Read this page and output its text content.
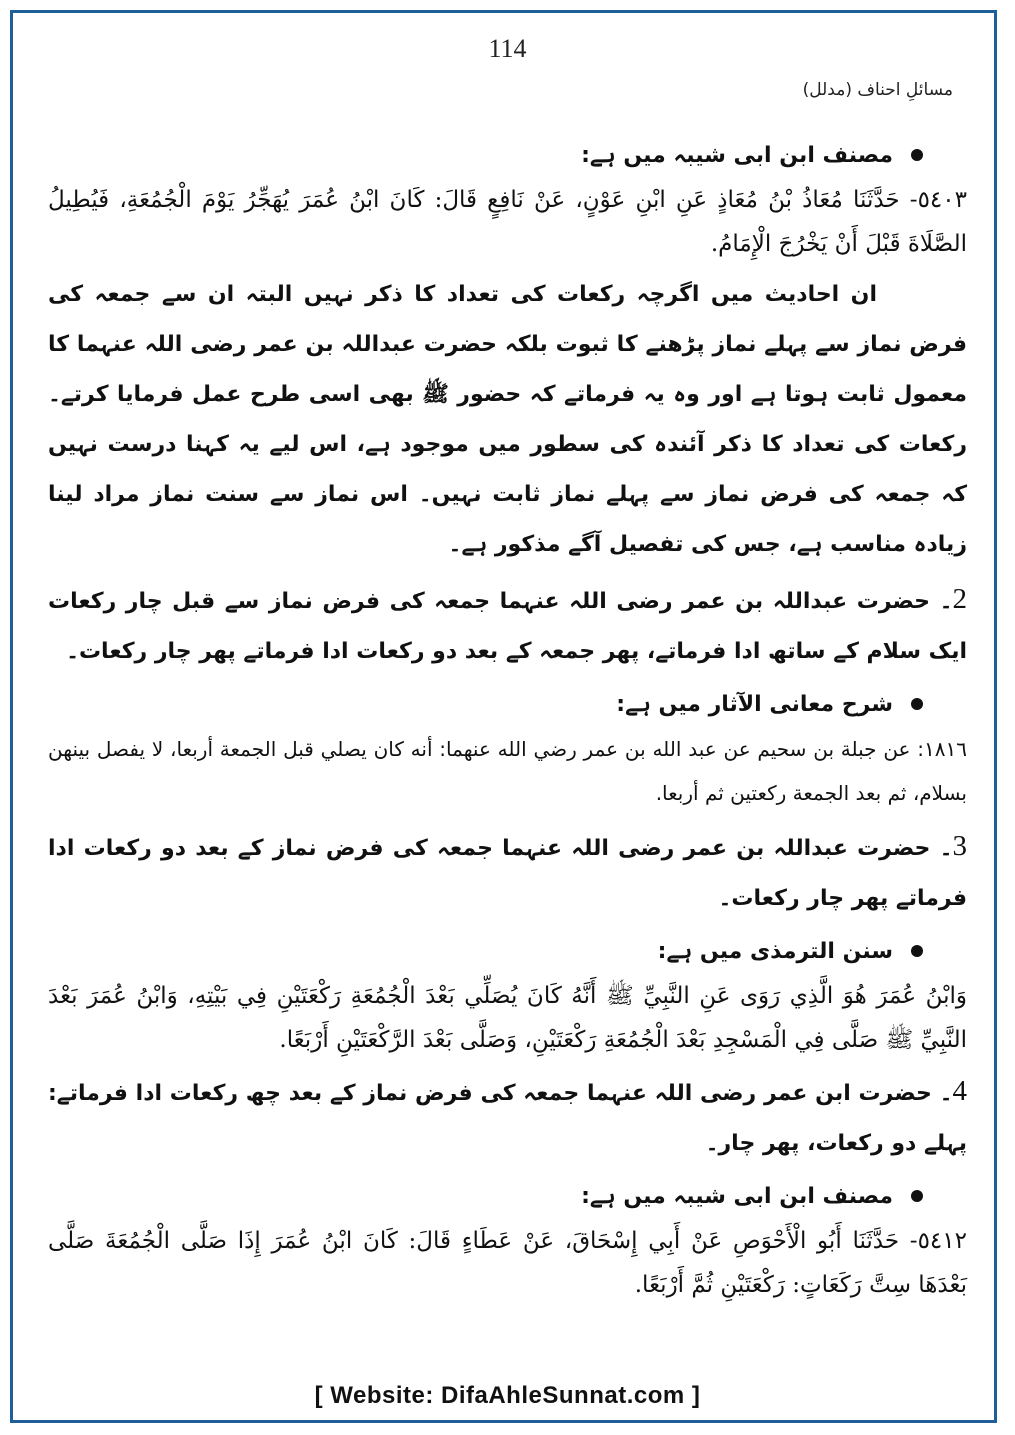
114
مسائلِ احناف (مدلل)
مصنف ابن ابی شیبہ میں ہے:

٥٤٠٣- حَدَّثَنَا مُعَاذُ بْنُ مُعَاذٍ عَنِ ابْنِ عَوْنٍ، عَنْ نَافِعٍ قَالَ: كَانَ ابْنُ عُمَرَ يُهَجِّرُ يَوْمَ الْجُمُعَةِ، فَيُطِيلُ الصَّلَاةَ قَبْلَ أَنْ يَخْرُجَ الْإِمَامُ.

ان احادیث میں اگرچہ رکعات کی تعداد کا ذکر نہیں البتہ ان سے جمعہ کی فرض نماز سے پہلے نماز پڑھنے کا ثبوت بلکہ حضرت عبداللہ بن عمر رضی اللہ عنہما کا معمول ثابت ہوتا ہے اور وہ یہ فرماتے کہ حضور ﷺ بھی اسی طرح عمل فرمایا کرتے۔ رکعات کی تعداد کا ذکر آئندہ کی سطور میں موجود ہے، اس لیے یہ کہنا درست نہیں کہ جمعہ کی فرض نماز سے پہلے نماز ثابت نہیں۔ اس نماز سے سنت نماز مراد لینا زیادہ مناسب ہے، جس کی تفصیل آگے مذکور ہے۔

2۔ حضرت عبداللہ بن عمر رضی اللہ عنہما جمعہ کی فرض نماز سے قبل چار رکعات ایک سلام کے ساتھ ادا فرماتے، پھر جمعہ کے بعد دو رکعات ادا فرماتے پھر چار رکعات۔

شرح معانی الآثار میں ہے:

١٨١٦: عن جبلة بن سحيم عن عبد الله بن عمر رضي الله عنهما: أنه كان يصلي قبل الجمعة أربعا، لا يفصل بينهن بسلام، ثم بعد الجمعة ركعتين ثم أربعا.

3۔ حضرت عبداللہ بن عمر رضی اللہ عنہما جمعہ کی فرض نماز کے بعد دو رکعات ادا فرماتے پھر چار رکعات۔

سنن الترمذی میں ہے:

وَابْنُ عُمَرَ هُوَ الَّذِي رَوَى عَنِ النَّبِيِّ ﷺ أَنَّهُ كَانَ يُصَلِّي بَعْدَ الْجُمُعَةِ رَكْعَتَيْنِ فِي بَيْتِهِ، وَابْنُ عُمَرَ بَعْدَ النَّبِيِّ ﷺ صَلَّى فِي الْمَسْجِدِ بَعْدَ الْجُمُعَةِ رَكْعَتَيْنِ، وَصَلَّى بَعْدَ الرَّكْعَتَيْنِ أَرْبَعًا.

4۔ حضرت ابن عمر رضی اللہ عنہما جمعہ کی فرض نماز کے بعد چھ رکعات ادا فرماتے: پہلے دو رکعات، پھر چار۔

مصنف ابن ابی شیبہ میں ہے:

٥٤١٢- حَدَّثَنَا أَبُو الْأَحْوَصِ عَنْ أَبِي إِسْحَاقَ، عَنْ عَطَاءٍ قَالَ: كَانَ ابْنُ عُمَرَ إِذَا صَلَّى الْجُمُعَةَ صَلَّى بَعْدَهَا سِتَّ رَكَعَاتٍ: رَكْعَتَيْنِ ثُمَّ أَرْبَعًا.

[ Website: DifaAhleSunnat.com ]
